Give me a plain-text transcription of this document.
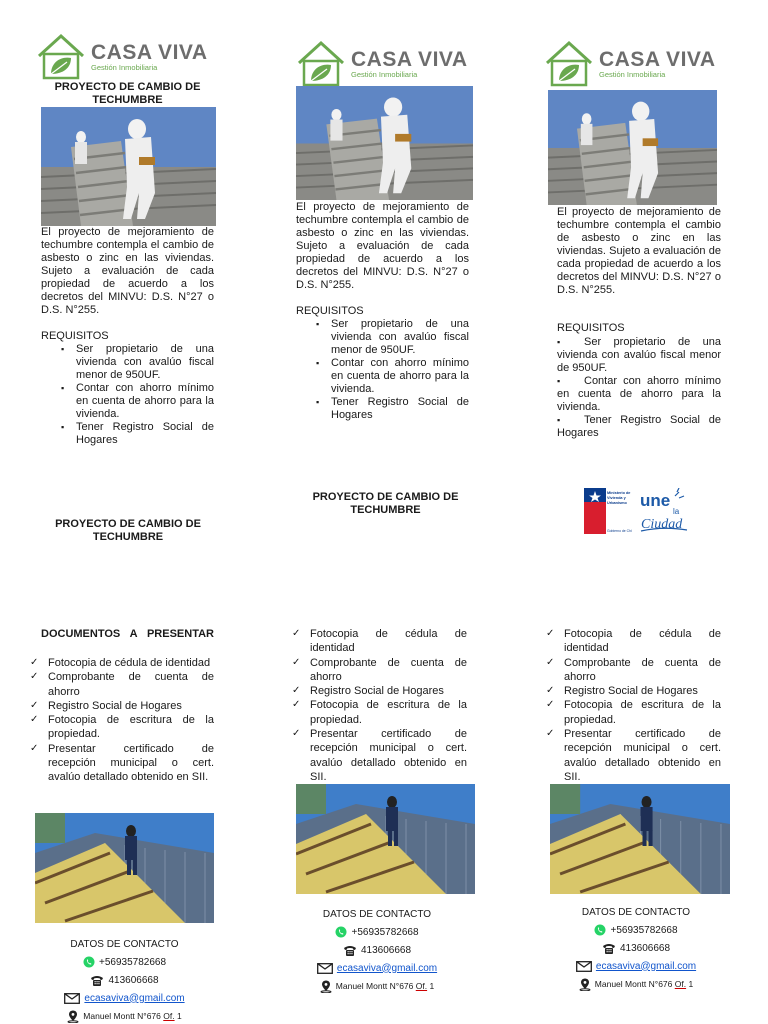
CASA VIVA
Gestión Inmobiliaria
PROYECTO DE CAMBIO DE TECHUMBRE
El proyecto de mejoramiento de techumbre contempla el cambio de asbesto o zinc en las viviendas. Sujeto a evaluación de cada propiedad de acuerdo a los decretos del MINVU: D.S. N°27 o D.S. N°255.
REQUISITOS
▪ Ser propietario de una vivienda con avalúo fiscal menor de 950UF.
▪ Contar con ahorro mínimo en cuenta de ahorro para la vivienda.
▪ Tener Registro Social de Hogares
CASA VIVA
Gestión Inmobiliaria
El proyecto de mejoramiento de techumbre contempla el cambio de asbesto o zinc en las viviendas. Sujeto a evaluación de cada propiedad de acuerdo a los decretos del MINVU: D.S. N°27 o D.S. N°255.
REQUISITOS
▪ Ser propietario de una vivienda con avalúo fiscal menor de 950UF.
▪ Contar con ahorro mínimo en cuenta de ahorro para la vivienda.
▪ Tener Registro Social de Hogares
CASA VIVA
Gestión Inmobiliaria
El proyecto de mejoramiento de techumbre contempla el cambio de asbesto o zinc en las viviendas. Sujeto a evaluación de cada propiedad de acuerdo a los decretos del MINVU: D.S. N°27 o D.S. N°255.
REQUISITOS
▪ Ser propietario de una vivienda con avalúo fiscal menor de 950UF.
▪ Contar con ahorro mínimo en cuenta de ahorro para la vivienda.
▪ Tener Registro Social de Hogares
PROYECTO DE CAMBIO DE TECHUMBRE
PROYECTO DE CAMBIO DE TECHUMBRE
Ministerio de
Vivienda y
Urbanismo
Gobierno de Chile
une
la
Ciudad
DOCUMENTOS A PRESENTAR
✓ Fotocopia de cédula de identidad
✓ Comprobante de cuenta de ahorro
✓ Registro Social de Hogares
✓ Fotocopia de escritura de la propiedad.
✓ Presentar certificado de recepción municipal o cert. avalúo detallado obtenido en SII.
DATOS DE CONTACTO
+56935782668
413606668
ecasaviva@gmail.com
Manuel Montt N°676 Of. 1
✓ Fotocopia de cédula de identidad
✓ Comprobante de cuenta de ahorro
✓ Registro Social de Hogares
✓ Fotocopia de escritura de la propiedad.
✓ Presentar certificado de recepción municipal o cert. avalúo detallado obtenido en SII.
DATOS DE CONTACTO
+56935782668
413606668
ecasaviva@gmail.com
Manuel Montt N°676 Of. 1
✓ Fotocopia de cédula de identidad
✓ Comprobante de cuenta de ahorro
✓ Registro Social de Hogares
✓ Fotocopia de escritura de la propiedad.
✓ Presentar certificado de recepción municipal o cert. avalúo detallado obtenido en SII.
DATOS DE CONTACTO
+56935782668
413606668
ecasaviva@gmail.com
Manuel Montt N°676 Of. 1
